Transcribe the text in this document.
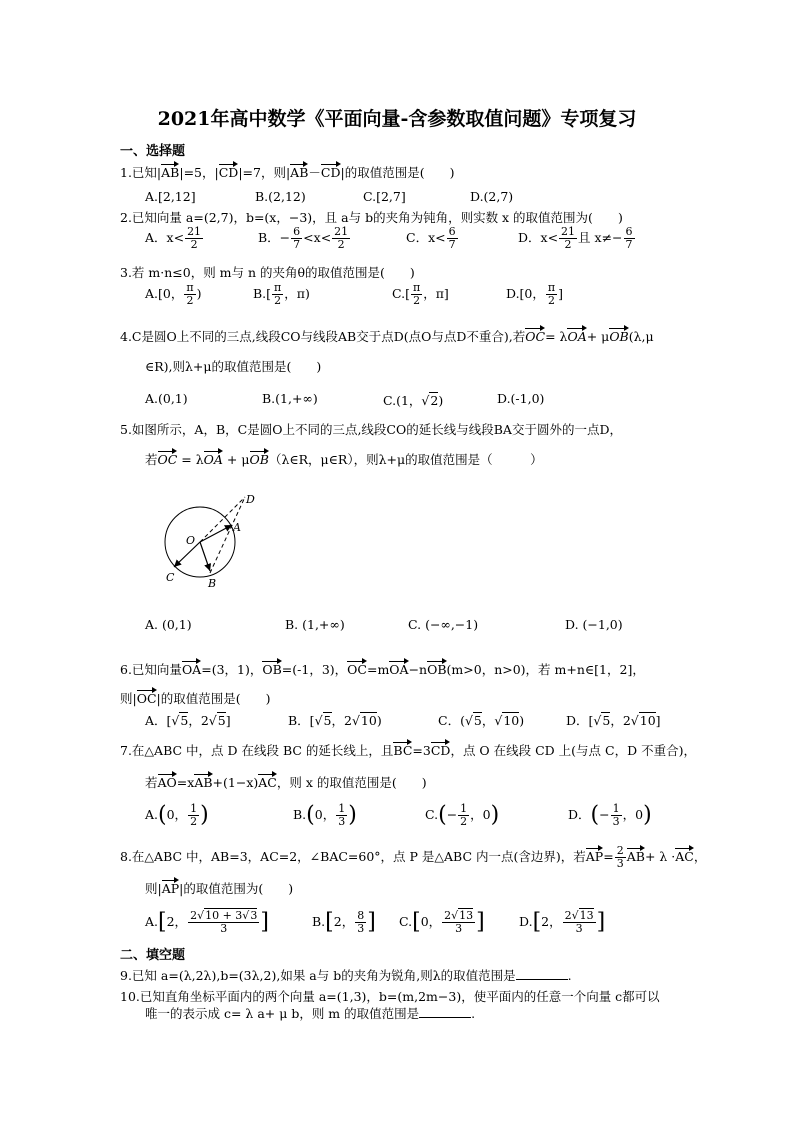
2021年高中数学《平面向量-含参数取值问题》专项复习
一、选择题
1.已知|AB|=5，|CD|=7，则|AB－CD|的取值范围是(　　)
A.[2,12]	B.(2,12)	C.[2,7]	D.(2,7)
2.已知向量 a=(2,7)，b=(x，−3)，且 a与 b的夹角为钝角，则实数 x 的取值范围为(　　)
A．$x< \frac{21}{2}$	B．− $\frac{6}{7} <x< \frac{21}{2}$	C．$x< \frac{6}{7}$	D．$x< \frac{21}{2}$ 且 $x\ne- \frac{6}{7}$
3.若 m·n≤0，则 m与 n 的夹角θ的取值范围是(　　)
A.[0， $\frac{\pi}{2}$ )	$B.[ \frac{\pi}{2}$ ，π)	$C.[ \frac{\pi}{2}$ ，π]	D.[0， $\frac{\pi}{2}$ ]
4.C是圆O上不同的三点,线段CO与线段AB交于点D(点O与点D不重合),若OC= λOA+ μOB(λ,μ
∈R),则λ+μ的取值范围是(　　)
A.(0,1)	B.(1,+∞)	C.(1，√2)	D.(-1,0)
5.如图所示，A，B，C是圆O上不同的三点,线段CO的延长线与线段BA交于圆外的一点D，
若OC = λOA + μOB（λ∈R，μ∈R），则λ+μ的取值范围是（　　　）
D
A
O
C	B
A. (0,1)	B. (1,+∞)	C. (−∞,−1)	D. (−1,0)
6.已知向量OA=(3，1)，OB=(-1，3)，OC=mOA−nOB(m>0，n>0)，若 m+n∈[1，2]，
则|OC|的取值范围是(　　)
A．[√5，2√5]	B．[√5，2√10)	C．(√5，√10)	D．[√5，2√10]
7.在△ABC 中，点 D 在线段 BC 的延长线上，且BC=3CD，点 O 在线段 CD 上(与点 C，D 不重合)，
若AO=xAB+(1−x)AC，则 x 的取值范围是(　　)
A.(0， $\frac{1}{2}$ )	B.(0， $\frac{1}{3}$ )	$C.(- \frac{1}{2}$ ，0)	D．(− $\frac{1}{3}$ ，0)
8.在△ABC 中，AB=3，AC=2，∠BAC=60°，点 P 是△ABC 内一点(含边界)，若$AP= \frac{2}{3} AB+ \lambda \cdot AC$，
则|AP|的取值范围为(　　)
A.[2， $\frac{2√10 + 3√3}{3}$ ]	B.[2， $\frac{8}{3}$ ] C.[0， $\frac{2√13}{3}$ ]	D.[2， $\frac{2√13}{3}$ ]
二、填空题
9.已知 a=(λ,2λ),b=(3λ,2),如果 a与 b的夹角为锐角,则λ的取值范围是	.
10.已知直角坐标平面内的两个向量 a=(1,3)，b=(m,2m−3)，使平面内的任意一个向量 c都可以
唯一的表示成 c= λ a+ μ b，则 m 的取值范围是	.
